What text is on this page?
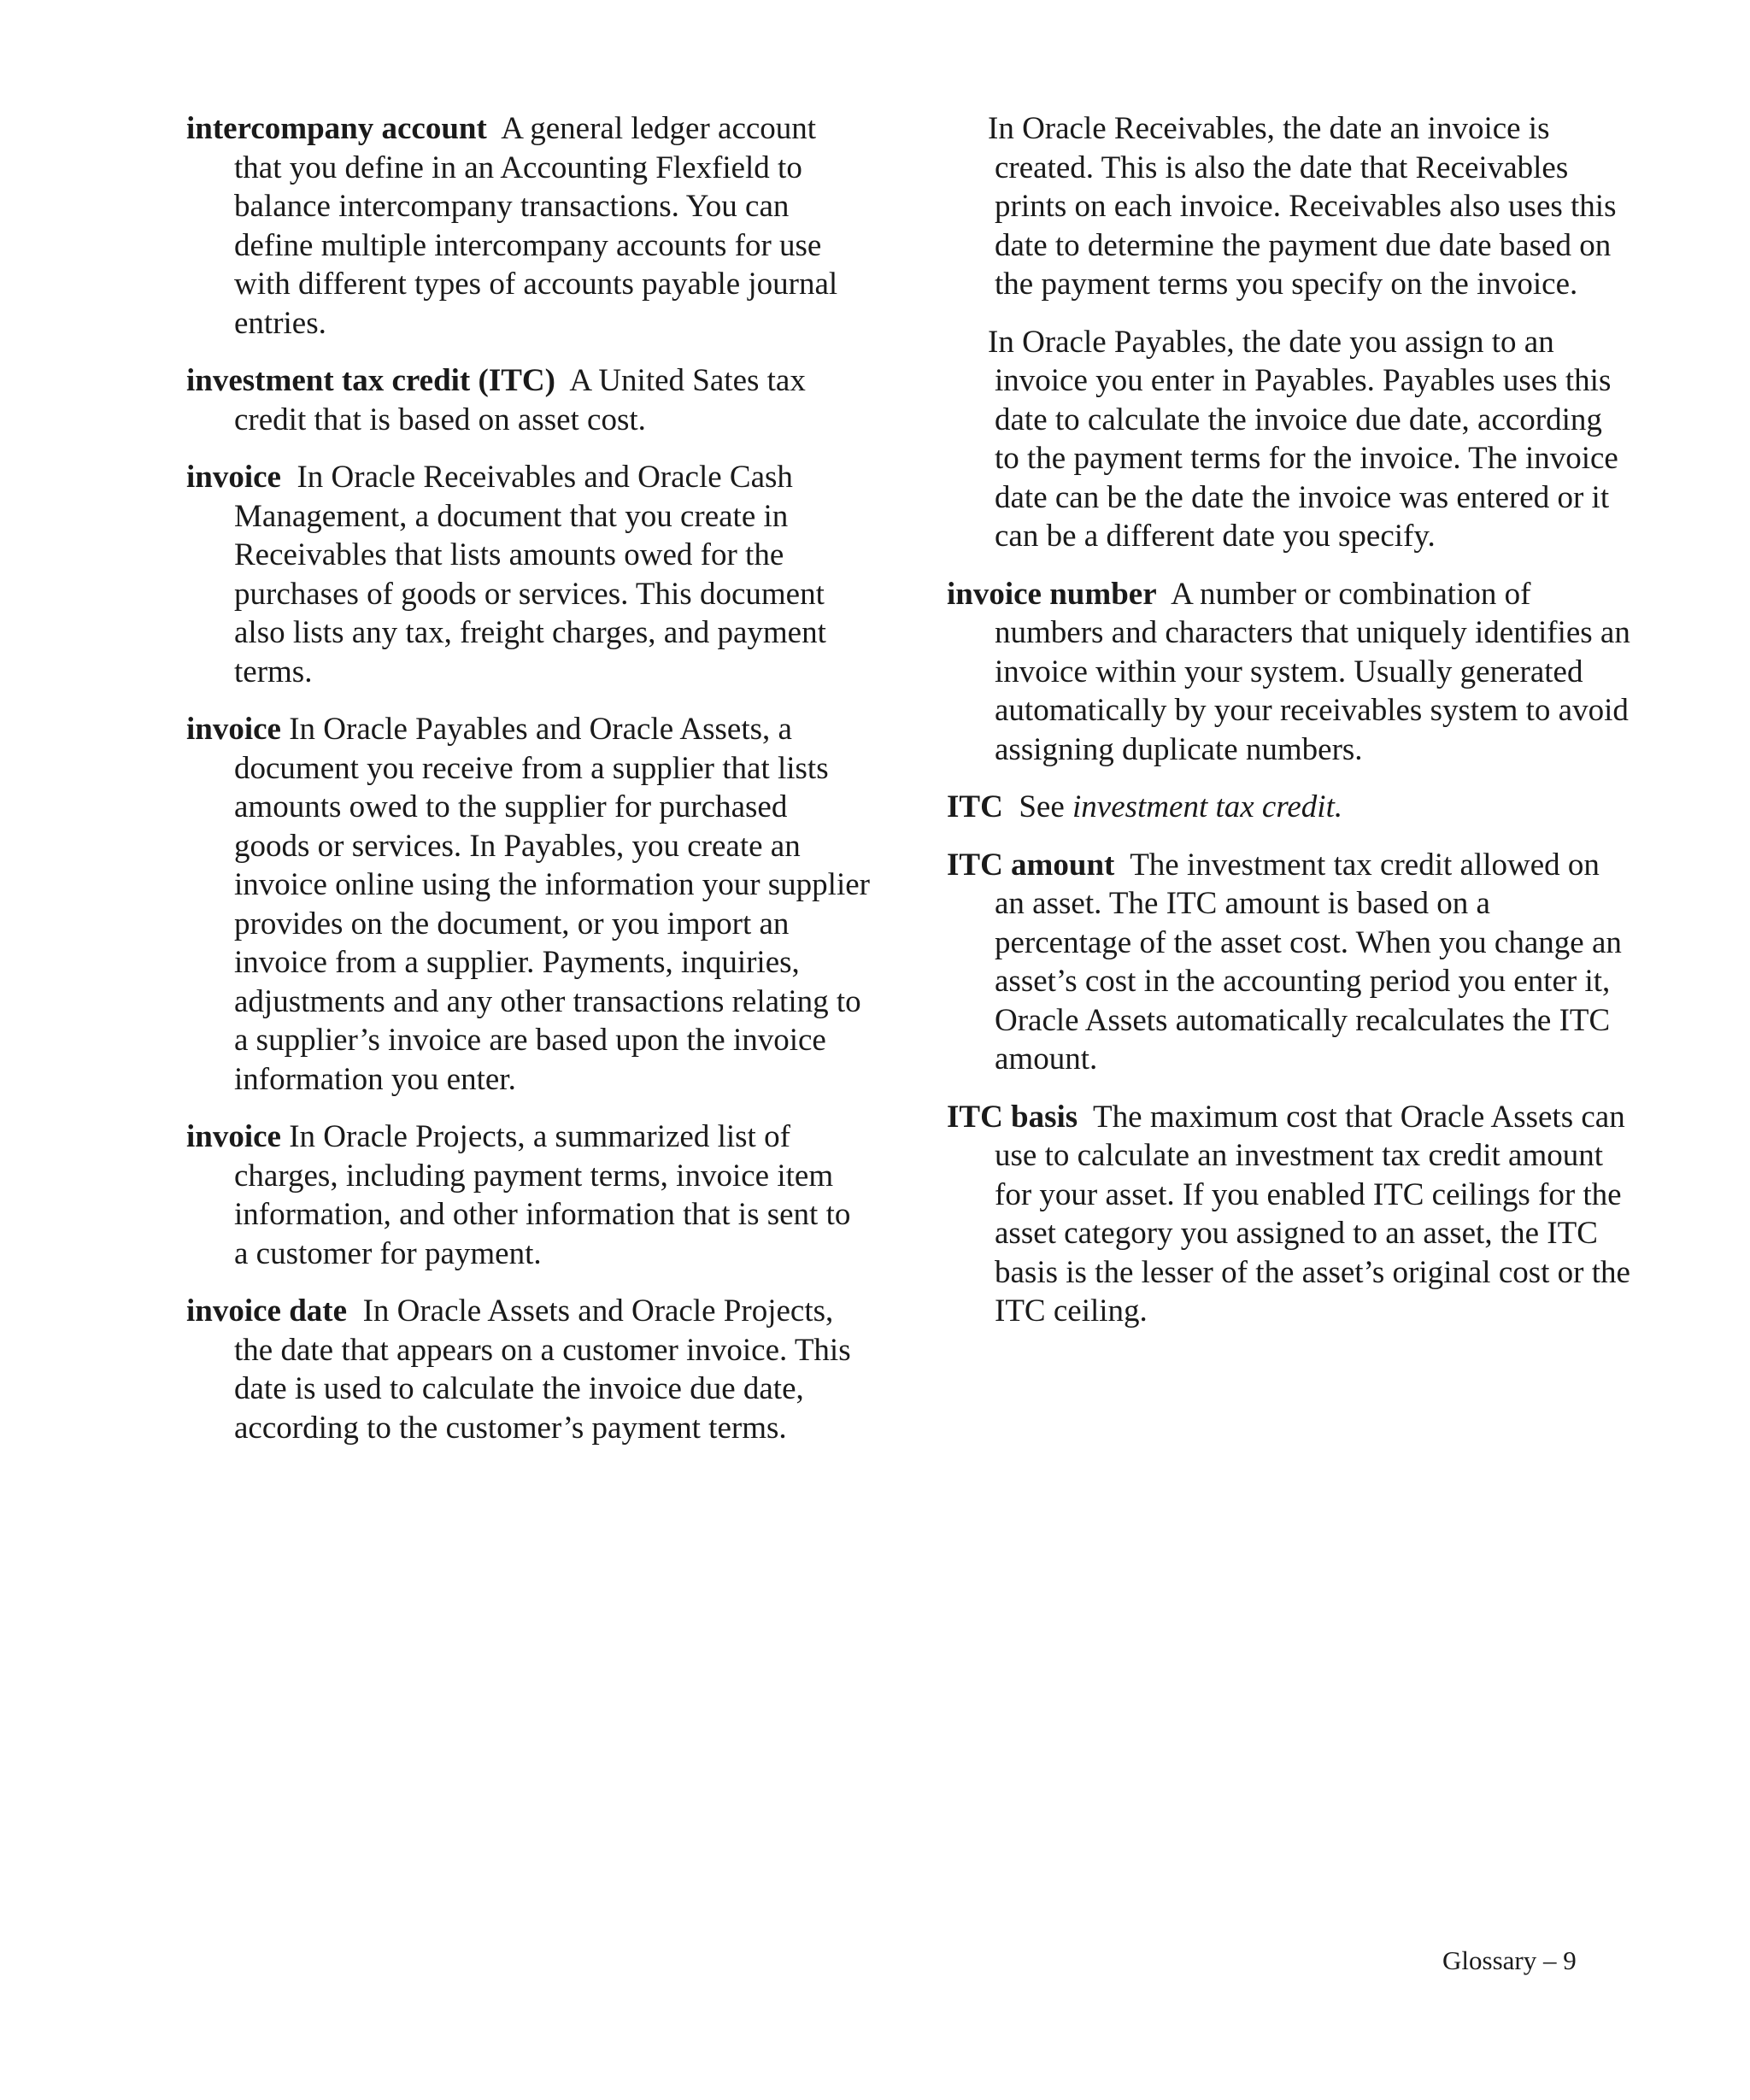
intercompany account A general ledger account that you define in an Accounting Flexfield to balance intercompany transactions. You can define multiple intercompany accounts for use with different types of accounts payable journal entries.

investment tax credit (ITC) A United Sates tax credit that is based on asset cost.

invoice In Oracle Receivables and Oracle Cash Management, a document that you create in Receivables that lists amounts owed for the purchases of goods or services. This document also lists any tax, freight charges, and payment terms.

invoice In Oracle Payables and Oracle Assets, a document you receive from a supplier that lists amounts owed to the supplier for purchased goods or services. In Payables, you create an invoice online using the information your supplier provides on the document, or you import an invoice from a supplier. Payments, inquiries, adjustments and any other transactions relating to a supplier’s invoice are based upon the invoice information you enter.

invoice In Oracle Projects, a summarized list of charges, including payment terms, invoice item information, and other information that is sent to a customer for payment.

invoice date In Oracle Assets and Oracle Projects, the date that appears on a customer invoice. This date is used to calculate the invoice due date, according to the customer’s payment terms.

In Oracle Receivables, the date an invoice is created. This is also the date that Receivables prints on each invoice. Receivables also uses this date to determine the payment due date based on the payment terms you specify on the invoice.

In Oracle Payables, the date you assign to an invoice you enter in Payables. Payables uses this date to calculate the invoice due date, according to the payment terms for the invoice. The invoice date can be the date the invoice was entered or it can be a different date you specify.

invoice number A number or combination of numbers and characters that uniquely identifies an invoice within your system. Usually generated automatically by your receivables system to avoid assigning duplicate numbers.

ITC See investment tax credit.

ITC amount The investment tax credit allowed on an asset. The ITC amount is based on a percentage of the asset cost. When you change an asset’s cost in the accounting period you enter it, Oracle Assets automatically recalculates the ITC amount.

ITC basis The maximum cost that Oracle Assets can use to calculate an investment tax credit amount for your asset. If you enabled ITC ceilings for the asset category you assigned to an asset, the ITC basis is the lesser of the asset’s original cost or the ITC ceiling.

Glossary – 9
